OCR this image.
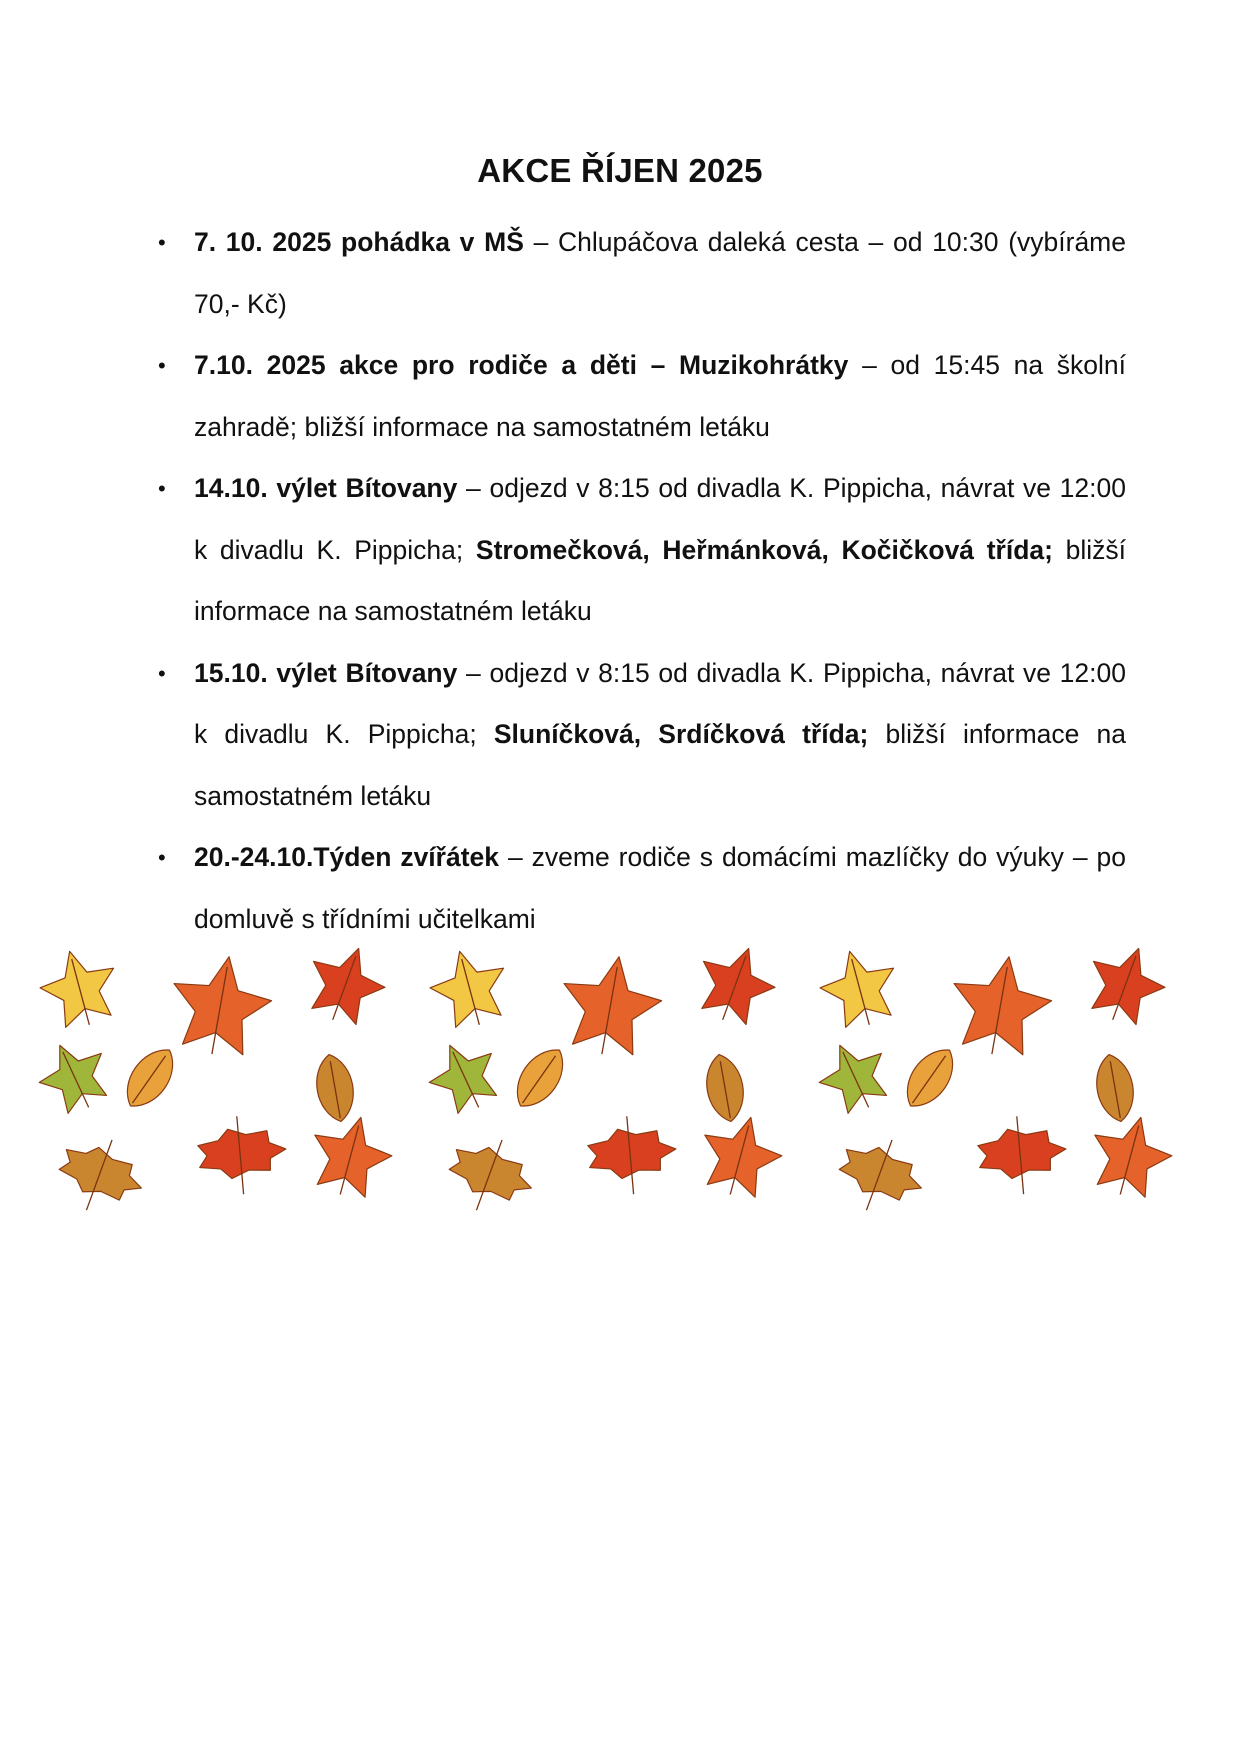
AKCE ŘÍJEN 2025
• 7. 10. 2025 pohádka v MŠ – Chlupáčova daleká cesta – od 10:30 (vybíráme 70,- Kč)
• 7.10. 2025 akce pro rodiče a děti – Muzikohrátky – od 15:45 na školní zahradě; bližší informace na samostatném letáku
• 14.10. výlet Bítovany – odjezd v 8:15 od divadla K. Pippicha, návrat ve 12:00 k divadlu K. Pippicha; Stromečková, Heřmánková, Kočičková třída; bližší informace na samostatném letáku
• 15.10. výlet Bítovany – odjezd v 8:15 od divadla K. Pippicha, návrat ve 12:00 k divadlu K. Pippicha; Sluníčková, Srdíčková třída; bližší informace na samostatném letáku
• 20.-24.10.Týden zvířátek – zveme rodiče s domácími mazlíčky do výuky – po domluvě s třídními učitelkami
